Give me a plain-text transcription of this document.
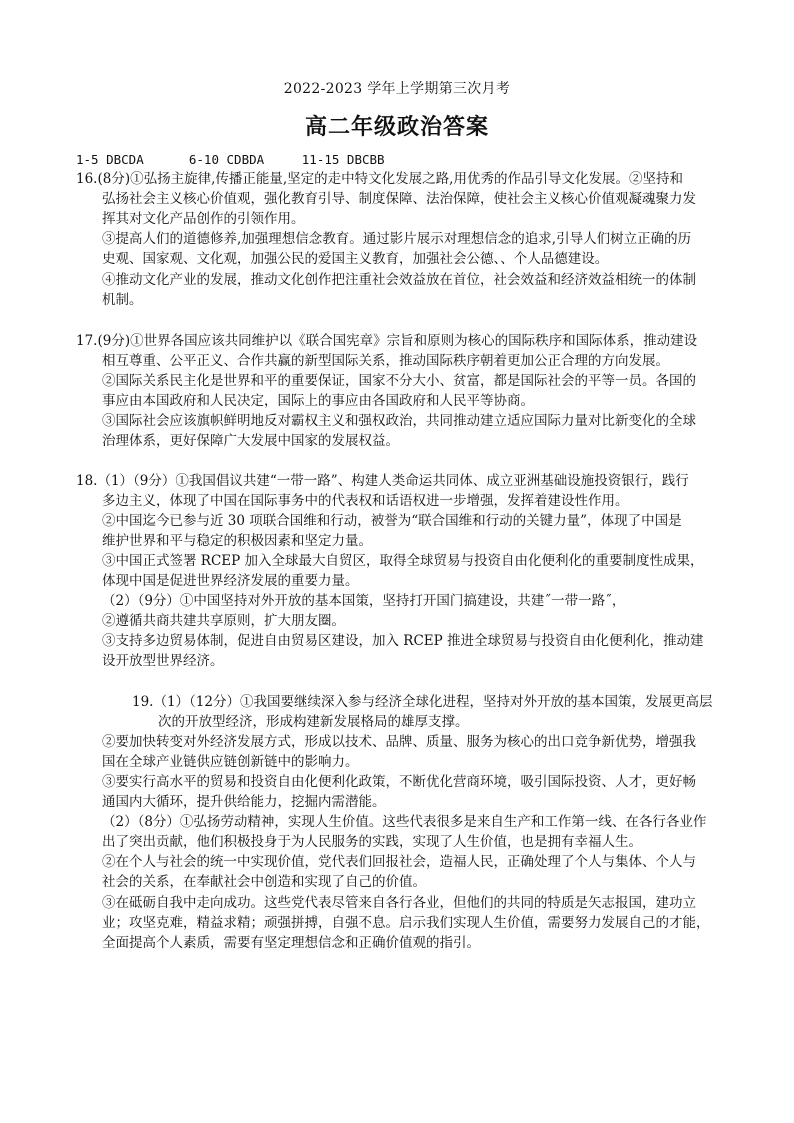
2022-2023 学年上学期第三次月考
高二年级政治答案
1-5 DBCDA      6-10 CDBDA     11-15 DBCBB
16.(8分)①弘扬主旋律,传播正能量,坚定的走中特文化发展之路,用优秀的作品引导文化发展。②坚持和
弘扬社会主义核心价值观，强化教育引导、制度保障、法治保障，使社会主义核心价值观凝魂聚力发
挥其对文化产品创作的引领作用。
③提高人们的道德修养,加强理想信念教育。通过影片展示对理想信念的追求,引导人们树立正确的历
史观、国家观、文化观，加强公民的爱国主义教育，加强社会公德、、个人品德建设。
④推动文化产业的发展，推动文化创作把注重社会效益放在首位，社会效益和经济效益相统一的体制
机制。
17.(9分)①世界各国应该共同维护以《联合国宪章》宗旨和原则为核心的国际秩序和国际体系，推动建设
相互尊重、公平正义、合作共赢的新型国际关系，推动国际秩序朝着更加公正合理的方向发展。
②国际关系民主化是世界和平的重要保证，国家不分大小、贫富，都是国际社会的平等一员。各国的
事应由本国政府和人民决定，国际上的事应由各国政府和人民平等协商。
③国际社会应该旗帜鲜明地反对霸权主义和强权政治，共同推动建立适应国际力量对比新变化的全球
治理体系，更好保障广大发展中国家的发展权益。
18.（1）（9分）①我国倡议共建“一带一路”、构建人类命运共同体、成立亚洲基础设施投资银行，践行
多边主义，体现了中国在国际事务中的代表权和话语权进一步增强，发挥着建设性作用。
②中国迄今已参与近 30 项联合国维和行动，被誉为“联合国维和行动的关键力量”，体现了中国是
维护世界和平与稳定的积极因素和坚定力量。
③中国正式签署 RCEP 加入全球最大自贸区，取得全球贸易与投资自由化便利化的重要制度性成果，
体现中国是促进世界经济发展的重要力量。
（2）（9分）①中国坚持对外开放的基本国策，坚持打开国门搞建设，共建˝一带一路˝，
②遵循共商共建共享原则，扩大朋友圈。
③支持多边贸易体制，促进自由贸易区建设，加入 RCEP 推进全球贸易与投资自由化便利化，推动建
设开放型世界经济。
19.（1）（12分）①我国要继续深入参与经济全球化进程，坚持对外开放的基本国策，发展更高层
次的开放型经济，形成构建新发展格局的雄厚支撑。
②要加快转变对外经济发展方式，形成以技术、品牌、质量、服务为核心的出口竞争新优势，增强我
国在全球产业链供应链创新链中的影响力。
③要实行高水平的贸易和投资自由化便利化政策，不断优化营商环境，吸引国际投资、人才，更好畅
通国内大循环，提升供给能力，挖掘内需潜能。
（2）（8分）①弘扬劳动精神，实现人生价值。这些代表很多是来自生产和工作第一线、在各行各业作
出了突出贡献，他们积极投身于为人民服务的实践，实现了人生价值，也是拥有幸福人生。
②在个人与社会的统一中实现价值，党代表们回报社会，造福人民，正确处理了个人与集体、个人与
社会的关系，在奉献社会中创造和实现了自己的价值。
③在砥砺自我中走向成功。这些党代表尽管来自各行各业，但他们的共同的特质是矢志报国，建功立
业；攻坚克难，精益求精；顽强拼搏，自强不息。启示我们实现人生价值，需要努力发展自己的才能，
全面提高个人素质，需要有坚定理想信念和正确价值观的指引。
